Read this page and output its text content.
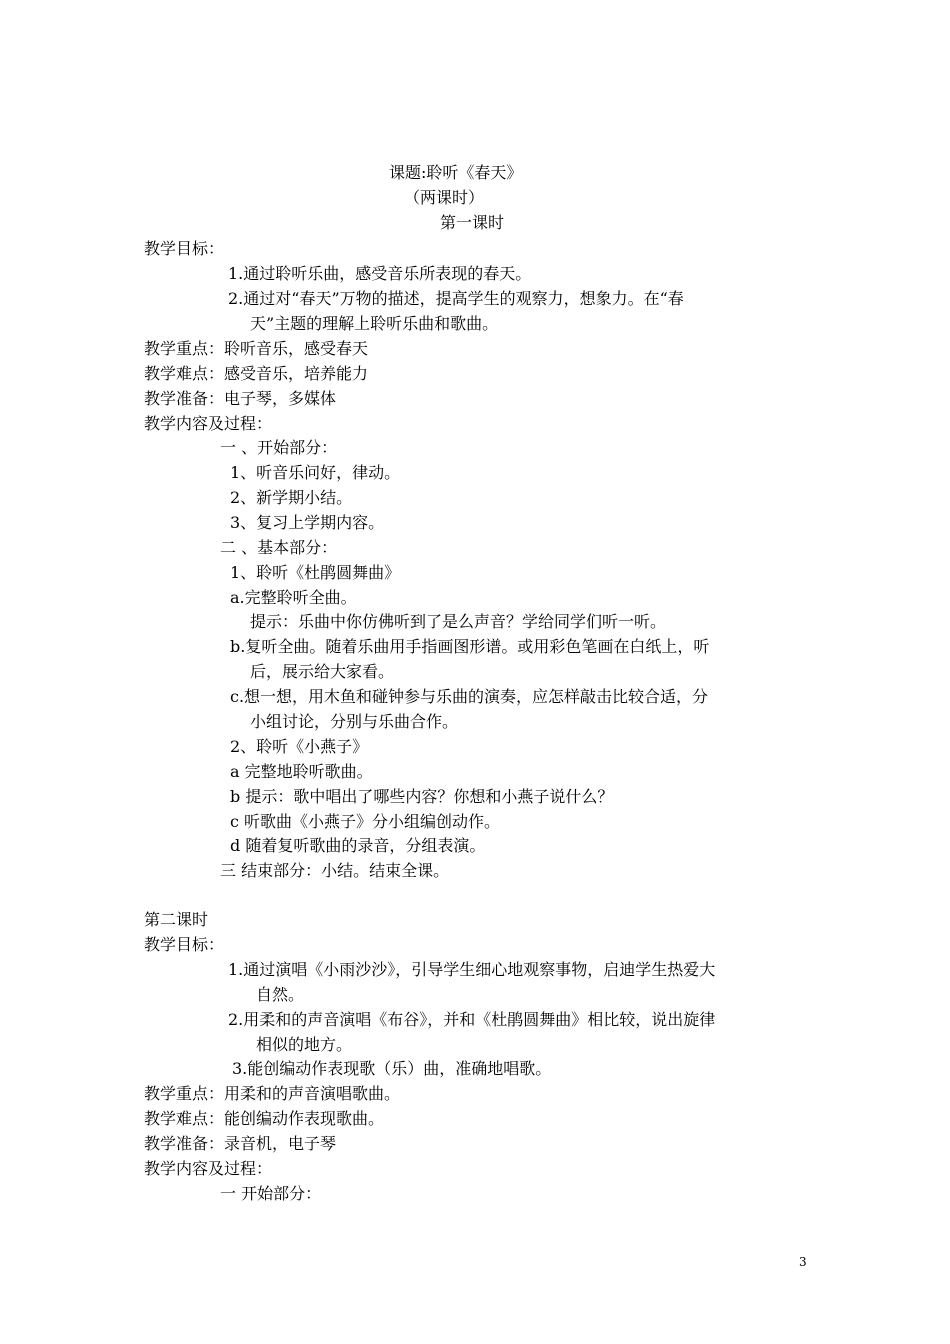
课题:聆听《春天》
（两课时）
第一课时
教学目标：
1.通过聆听乐曲，感受音乐所表现的春天。
2.通过对“春天”万物的描述，提高学生的观察力，想象力。在“春
天”主题的理解上聆听乐曲和歌曲。
教学重点：聆听音乐，感受春天
教学难点：感受音乐，培养能力
教学准备：电子琴，多媒体
教学内容及过程：
一 、开始部分：
1、听音乐问好，律动。
2、新学期小结。
3、复习上学期内容。
二 、基本部分：
1、聆听《杜鹃圆舞曲》
a.完整聆听全曲。
提示：乐曲中你仿佛听到了是么声音？学给同学们听一听。
b.复听全曲。随着乐曲用手指画图形谱。或用彩色笔画在白纸上，听
后，展示给大家看。
c.想一想，用木鱼和碰钟参与乐曲的演奏，应怎样敲击比较合适，分
小组讨论，分别与乐曲合作。
2、聆听《小燕子》
a 完整地聆听歌曲。
b 提示：歌中唱出了哪些内容？你想和小燕子说什么？
c 听歌曲《小燕子》分小组编创动作。
d 随着复听歌曲的录音，分组表演。
三 结束部分：小结。结束全课。
第二课时
教学目标：
1.通过演唱《小雨沙沙》，引导学生细心地观察事物，启迪学生热爱大
自然。
2.用柔和的声音演唱《布谷》，并和《杜鹃圆舞曲》相比较，说出旋律
相似的地方。
3.能创编动作表现歌（乐）曲，准确地唱歌。
教学重点：用柔和的声音演唱歌曲。
教学难点：能创编动作表现歌曲。
教学准备：录音机，电子琴
教学内容及过程：
一 开始部分：
3
